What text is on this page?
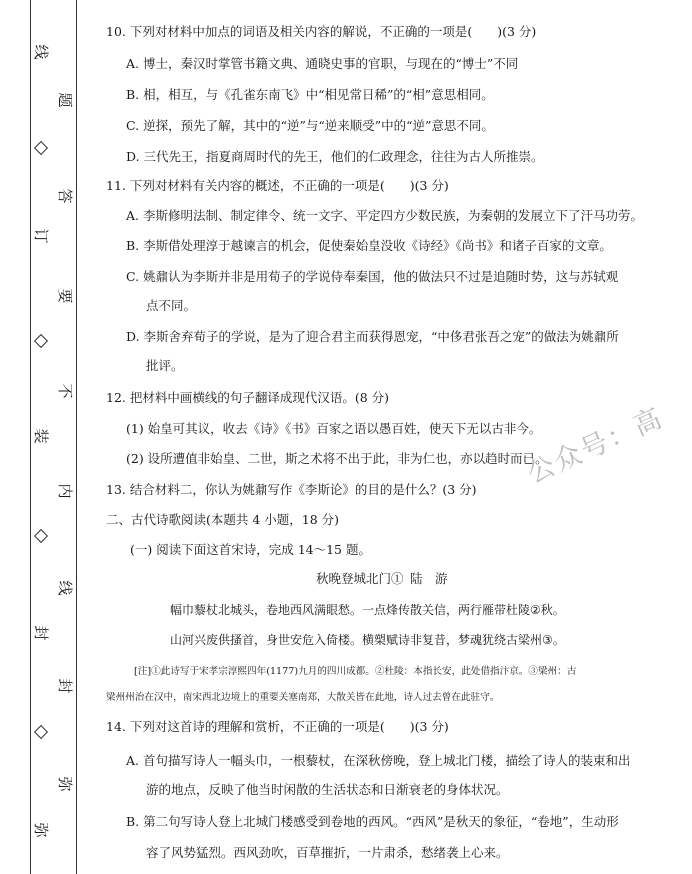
线
订
装
封
弥
题
答
要
不
内
线
封
弥
10. 下列对材料中加点的词语及相关内容的解说，不正确的一项是(　　)(3 分)
A. 博士，秦汉时掌管书籍文典、通晓史事的官职，与现在的“博士”不同
B. 相，相互，与《孔雀东南飞》中“相见常日稀”的“相”意思相同。
C. 逆探，预先了解，其中的“逆”与“逆来顺受”中的“逆”意思不同。
D. 三代先王，指夏商周时代的先王，他们的仁政理念，往往为古人所推崇。
11. 下列对材料有关内容的概述，不正确的一项是(　　)(3 分)
A. 李斯修明法制、制定律令、统一文字、平定四方少数民族，为秦朝的发展立下了汗马功劳。
B. 李斯借处理淳于越谏言的机会，促使秦始皇没收《诗经》《尚书》和诸子百家的文章。
C. 姚鼐认为李斯并非是用荀子的学说侍奉秦国，他的做法只不过是追随时势，这与苏轼观
点不同。
D. 李斯舍弃荀子的学说，是为了迎合君主而获得恩宠，“中侈君张吾之宠”的做法为姚鼐所
批评。
12. 把材料中画横线的句子翻译成现代汉语。(8 分)
(1) 始皇可其议，收去《诗》《书》百家之语以愚百姓，使天下无以古非今。
(2) 设所遭值非始皇、二世，斯之术将不出于此，非为仁也，亦以趋时而已。
13. 结合材料二，你认为姚鼐写作《李斯论》的目的是什么？(3 分)
二、古代诗歌阅读(本题共 4 小题，18 分)
(一) 阅读下面这首宋诗，完成 14～15 题。
秋晚登城北门① 陆　游
幅巾藜杖北城头，卷地西风满眼愁。一点烽传散关信，两行雁带杜陵②秋。
山河兴废供搔首，身世安危入倚楼。横槊赋诗非复昔，梦魂犹绕古梁州③。
[注]①此诗写于宋孝宗淳熙四年(1177)九月的四川成都。②杜陵：本指长安，此处借指汴京。③梁州：古
梁州州治在汉中，南宋西北边境上的重要关塞南郑，大散关皆在此地，诗人过去曾在此驻守。
14. 下列对这首诗的理解和赏析，不正确的一项是(　　)(3 分)
A. 首句描写诗人一幅头巾，一根藜杖，在深秋傍晚，登上城北门楼，描绘了诗人的装束和出
游的地点，反映了他当时闲散的生活状态和日渐衰老的身体状况。
B. 第二句写诗人登上北城门楼感受到卷地的西风。“西风”是秋天的象征，“卷地”，生动形
容了风势猛烈。西风劲吹，百草摧折，一片肃杀，愁绪袭上心来。
公众号：高
